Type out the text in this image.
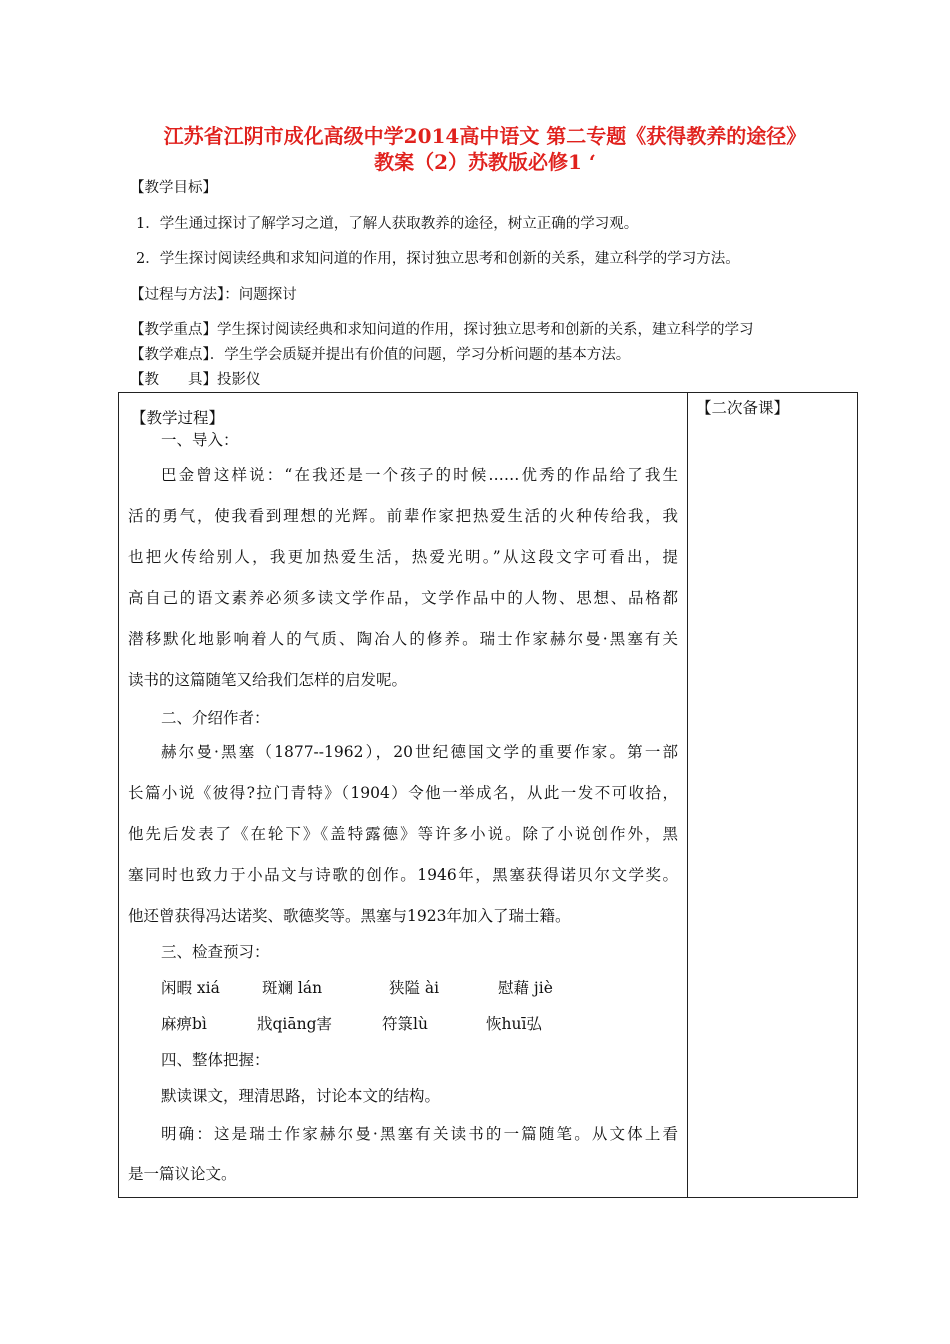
江苏省江阴市成化高级中学2014高中语文 第二专题《获得教养的途径》
教案（2）苏教版必修1 ‘
【教学目标】
1．学生通过探讨了解学习之道，了解人获取教养的途径，树立正确的学习观。
2．学生探讨阅读经典和求知问道的作用，探讨独立思考和创新的关系，建立科学的学习方法。
【过程与方法】：问题探讨
【教学重点】学生探讨阅读经典和求知问道的作用，探讨独立思考和创新的关系，建立科学的学习
【教学难点】．学生学会质疑并提出有价值的问题，学习分析问题的基本方法。
【教　　具】投影仪
【教学过程】
一、导入：
巴金曾这样说：“在我还是一个孩子的时候……优秀的作品给了我生
活的勇气，使我看到理想的光辉。前辈作家把热爱生活的火种传给我，我
也把火传给别人，我更加热爱生活，热爱光明。”从这段文字可看出，提
高自己的语文素养必须多读文学作品，文学作品中的人物、思想、品格都
潜移默化地影响着人的气质、陶冶人的修养。瑞士作家赫尔曼·黑塞有关
读书的这篇随笔又给我们怎样的启发呢。
二、介绍作者：
赫尔曼·黑塞（1877--1962），20世纪德国文学的重要作家。第一部
长篇小说《彼得?拉门青特》（1904）令他一举成名，从此一发不可收拾，
他先后发表了《在轮下》《盖特露德》等许多小说。除了小说创作外，黑
塞同时也致力于小品文与诗歌的创作。1946年，黑塞获得诺贝尔文学奖。
他还曾获得冯达诺奖、歌德奖等。黑塞与1923年加入了瑞士籍。
三、检查预习：
闲暇 xiá	斑斓 lán	狭隘 ài	慰藉 jiè
麻痹bì	戕qiāng害	符箓lù	恢huī弘
四、整体把握：
默读课文，理清思路，讨论本文的结构。
明确：这是瑞士作家赫尔曼·黑塞有关读书的一篇随笔。从文体上看
是一篇议论文。

【二次备课】
